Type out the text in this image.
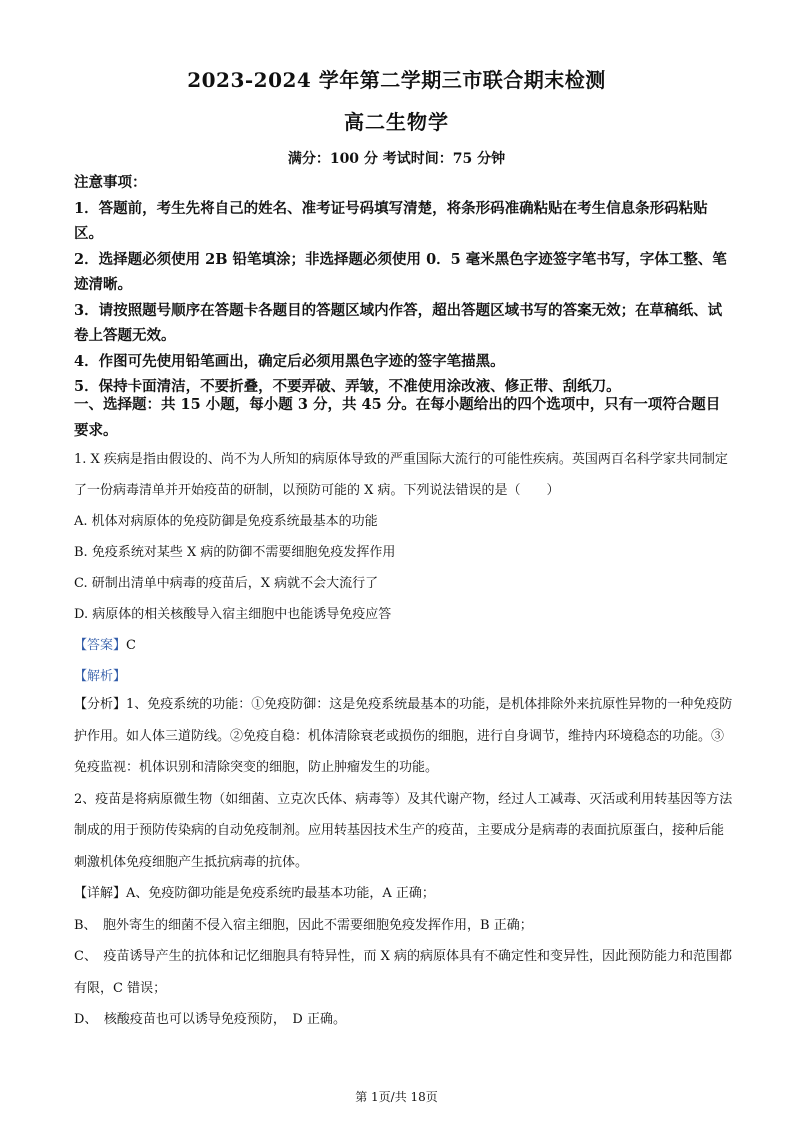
2023-2024 学年第二学期三市联合期末检测
高二生物学
满分：100 分 考试时间：75 分钟

注意事项：

1．答题前，考生先将自己的姓名、准考证号码填写清楚，将条形码准确粘贴在考生信息条形码粘贴区。

2．选择题必须使用 2B 铅笔填涂；非选择题必须使用 0．5 毫米黑色字迹签字笔书写，字体工整、笔迹清晰。

3．请按照题号顺序在答题卡各题目的答题区域内作答，超出答题区域书写的答案无效；在草稿纸、试卷上答题无效。

4．作图可先使用铅笔画出，确定后必须用黑色字迹的签字笔描黑。

5．保持卡面清洁，不要折叠，不要弄破、弄皱，不准使用涂改液、修正带、刮纸刀。

一、选择题：共 15 小题，每小题 3 分，共 45 分。在每小题给出的四个选项中，只有一项符合题目要求。

1. X 疾病是指由假设的、尚不为人所知的病原体导致的严重国际大流行的可能性疾病。英国两百名科学家共同制定了一份病毒清单并开始疫苗的研制，以预防可能的 X 病。下列说法错误的是（　　）

A. 机体对病原体的免疫防御是免疫系统最基本的功能

B. 免疫系统对某些 X 病的防御不需要细胞免疫发挥作用

C. 研制出清单中病毒的疫苗后，X 病就不会大流行了

D. 病原体的相关核酸导入宿主细胞中也能诱导免疫应答

【答案】C

【解析】

【分析】1、免疫系统的功能：①免疫防御：这是免疫系统最基本的功能，是机体排除外来抗原性异物的一种免疫防护作用。如人体三道防线。②免疫自稳：机体清除衰老或损伤的细胞，进行自身调节，维持内环境稳态的功能。③免疫监视：机体识别和清除突变的细胞，防止肿瘤发生的功能。

2、疫苗是将病原微生物（如细菌、立克次氏体、病毒等）及其代谢产物，经过人工减毒、灭活或利用转基因等方法制成的用于预防传染病的自动免疫制剂。应用转基因技术生产的疫苗，主要成分是病毒的表面抗原蛋白，接种后能刺激机体免疫细胞产生抵抗病毒的抗体。

【详解】A、免疫防御功能是免疫系统旳最基本功能，A 正确；

B、　胞外寄生的细菌不侵入宿主细胞，因此不需要细胞免疫发挥作用，B 正确；

C、　疫苗诱导产生的抗体和记忆细胞具有特异性，而 X 病的病原体具有不确定性和变异性，因此预防能力和范围都有限，C 错误；

D、　核酸疫苗也可以诱导免疫预防，　D 正确。

第 1页/共 18页
